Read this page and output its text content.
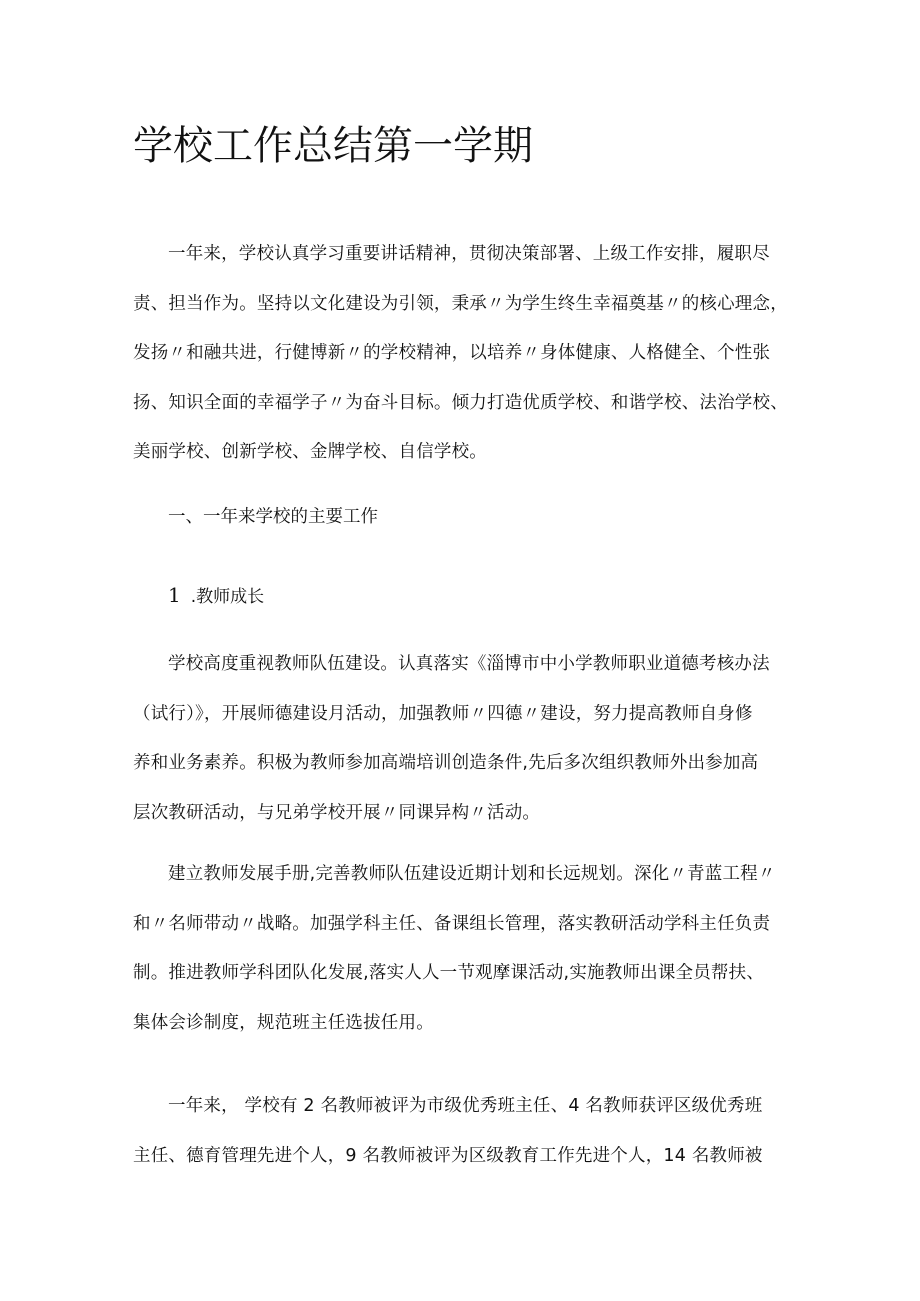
学校工作总结第一学期
一年来，学校认真学习重要讲话精神，贯彻决策部署、上级工作安排，履职尽
责、担当作为。坚持以文化建设为引领，秉承〃为学生终生幸福奠基〃的核心理念，
发扬〃和融共进，行健博新〃的学校精神，以培养〃身体健康、人格健全、个性张
扬、知识全面的幸福学子〃为奋斗目标。倾力打造优质学校、和谐学校、法治学校、
美丽学校、创新学校、金牌学校、自信学校。
一、一年来学校的主要工作
1 .教师成长
学校高度重视教师队伍建设。认真落实《淄博市中小学教师职业道德考核办法
（试行）》，开展师德建设月活动，加强教师〃四德〃建设，努力提高教师自身修
养和业务素养。积极为教师参加高端培训创造条件,先后多次组织教师外出参加高
层次教研活动，与兄弟学校开展〃同课异构〃活动。
建立教师发展手册,完善教师队伍建设近期计划和长远规划。深化〃青蓝工程〃
和〃名师带动〃战略。加强学科主任、备课组长管理，落实教研活动学科主任负责
制。推进教师学科团队化发展,落实人人一节观摩课活动,实施教师出课全员帮扶、
集体会诊制度，规范班主任选拔任用。
一年来， 学校有 2 名教师被评为市级优秀班主任、4 名教师获评区级优秀班
主任、德育管理先进个人，9 名教师被评为区级教育工作先进个人，14 名教师被
